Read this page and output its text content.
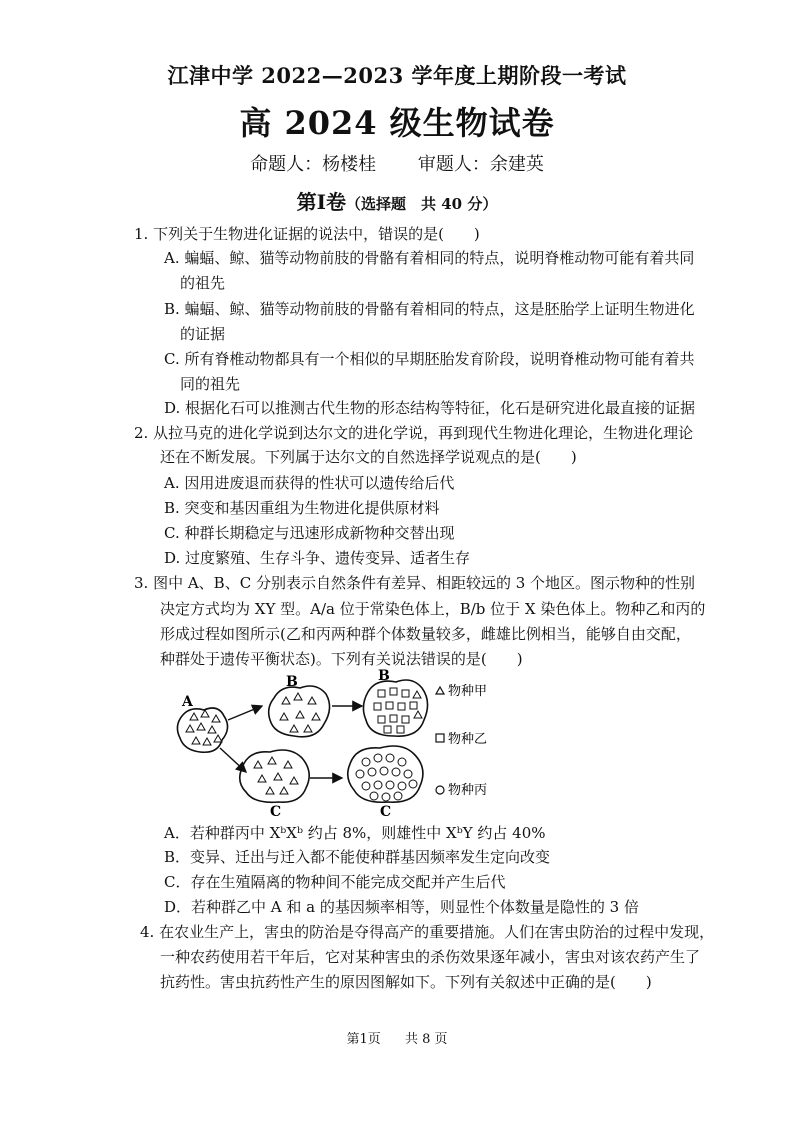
江津中学 2022—2023 学年度上期阶段一考试
高 2024 级生物试卷
命题人：杨楼桂 审题人：余建英
第Ⅰ卷（选择题　共 40 分）
1. 下列关于生物进化证据的说法中，错误的是(　　)
A. 蝙蝠、鲸、猫等动物前肢的骨骼有着相同的特点，说明脊椎动物可能有着共同
的祖先
B. 蝙蝠、鲸、猫等动物前肢的骨骼有着相同的特点，这是胚胎学上证明生物进化
的证据
C. 所有脊椎动物都具有一个相似的早期胚胎发育阶段，说明脊椎动物可能有着共
同的祖先
D. 根据化石可以推测古代生物的形态结构等特征，化石是研究进化最直接的证据
2. 从拉马克的进化学说到达尔文的进化学说，再到现代生物进化理论，生物进化理论
还在不断发展。下列属于达尔文的自然选择学说观点的是(　　)
A. 因用进废退而获得的性状可以遗传给后代
B. 突变和基因重组为生物进化提供原材料
C. 种群长期稳定与迅速形成新物种交替出现
D. 过度繁殖、生存斗争、遗传变异、适者生存
3. 图中 A、B、C 分别表示自然条件有差异、相距较远的 3 个地区。图示物种的性别
决定方式均为 XY 型。A/a 位于常染色体上，B/b 位于 X 染色体上。物种乙和丙的
形成过程如图所示(乙和丙两种群个体数量较多，雌雄比例相当，能够自由交配，
种群处于遗传平衡状态)。下列有关说法错误的是(　　)
A
B	B
C	C
物种甲
物种乙
物种丙
A．若种群丙中 XᵇXᵇ 约占 8%，则雄性中 XᵇY 约占 40%
B．变异、迁出与迁入都不能使种群基因频率发生定向改变
C．存在生殖隔离的物种间不能完成交配并产生后代
D．若种群乙中 A 和 a 的基因频率相等，则显性个体数量是隐性的 3 倍
4. 在农业生产上，害虫的防治是夺得高产的重要措施。人们在害虫防治的过程中发现，
一种农药使用若干年后，它对某种害虫的杀伤效果逐年减小，害虫对该农药产生了
抗药性。害虫抗药性产生的原因图解如下。下列有关叙述中正确的是(　　)
第1页 共 8 页
